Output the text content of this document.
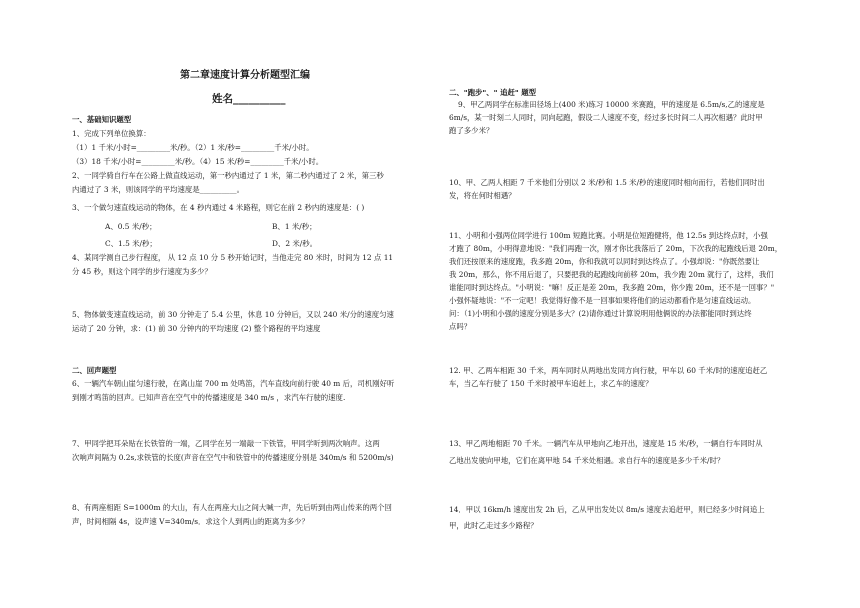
第二章速度计算分析题型汇编
姓名__________
一、基础知识题型
1、完成下列单位换算：
（1）1 千米/小时=_________米/秒。（2）1 米/秒=_________千米/小时。
（3）18 千米/小时=_________米/秒。（4）15 米/秒=_________千米/小时。
2、一同学骑自行车在公路上做直线运动，第一秒内通过了 1 米，第二秒内通过了 2 米，第三秒
内通过了 3 米，则该同学的平均速度是__________。
3、一个做匀速直线运动的物体，在 4 秒内通过 4 米路程，则它在前 2 秒内的速度是：( )
A、0.5 米/秒；	B、1 米/秒；
C、1.5 米/秒；	D、2 米/秒。
4、某同学测自己步行程度， 从 12 点 10 分 5 秒开始记时，当他走完 80 米时，时间为 12 点 11
分 45 秒，则这个同学的步行速度为多少？
5、物体做变速直线运动，前 30 分钟走了 5.4 公里，休息 10 分钟后，又以 240 米/分的速度匀速
运动了 20 分钟，求：(1) 前 30 分钟内的平均速度 (2) 整个路程的平均速度
二、回声题型
6、一辆汽车朝山崖匀速行驶，在离山崖 700 m 处鸣笛，汽车直线向前行驶 40 m 后，司机刚好听
到刚才鸣笛的回声。已知声音在空气中的传播速度是 340 m/s ，求汽车行驶的速度.
7、甲同学把耳朵贴在长铁管的一端，乙同学在另一端敲一下铁管，甲同学听到两次响声。这两
次响声间隔为 0.2s,求铁管的长度(声音在空气中和铁管中的传播速度分别是 340m/s 和 5200m/s)
8、有两座相距 S=1000m 的大山，有人在两座大山之间大喊一声，先后听到由两山传来的两个回
声，时间相隔 4s，设声速 V=340m/s．求这个人到两山的距离为多少？
二、"跑步"、" 追赶" 题型
9、甲乙两同学在标准田径场上(400 米)练习 10000 米赛跑，甲的速度是 6.5m/s,乙的速度是
6m/s，某一时刻二人同时，同向起跑，假设二人速度不变，经过多长时间二人再次相遇？此时甲
跑了多少米？
10、甲、乙两人相距 7 千米他们分别以 2 米/秒和 1.5 米/秒的速度同时相向而行，若他们同时出
发，将在何时相遇？
11、小明和小强两位同学进行 100m 短跑比赛。小明是位短跑健将，他 12.5s 到达终点时，小强
才跑了 80m，小明得意地说："我们再跑一次，刚才你比我落后了 20m，下次我的起跑线后退 20m，
我们还按原来的速度跑，我多跑 20m，你和我就可以同时到达终点了。小强却说："你既然要让
我 20m，那么，你不用后退了，只要把我的起跑线向前移 20m，我少跑 20m 就行了，这样，我们
谁能同时到达终点。"小明说："嘛！反正是差 20m，我多跑 20m，你少跑 20m，还不是一回事？"
小强怀疑地说："不一定吧！我觉得好像不是一回事如果将他们的运动都看作是匀速直线运动。
问：（1)小明和小强的速度分别是多大？(2)请你通过计算说明用他俩说的办法都能同时到达终
点吗？
12. 甲、乙两车相距 30 千米，两车同时从两地出发同方向行驶，甲车以 60 千米/时的速度追赶乙
车，当乙车行驶了 150 千米时被甲车追赶上，求乙车的速度？
13、甲乙两地相距 70 千米。一辆汽车从甲地向乙地开出，速度是 15 米/秒，一辆自行车同时从
乙地出发驶向甲地，它们在离甲地 54 千米处相遇。求自行车的速度是多少千米/时？
14．甲以 16km/h 速度出发 2h 后，乙从甲出发处以 8m/s 速度去追赶甲，则已经多少时间追上
甲，此时乙走过多少路程？
